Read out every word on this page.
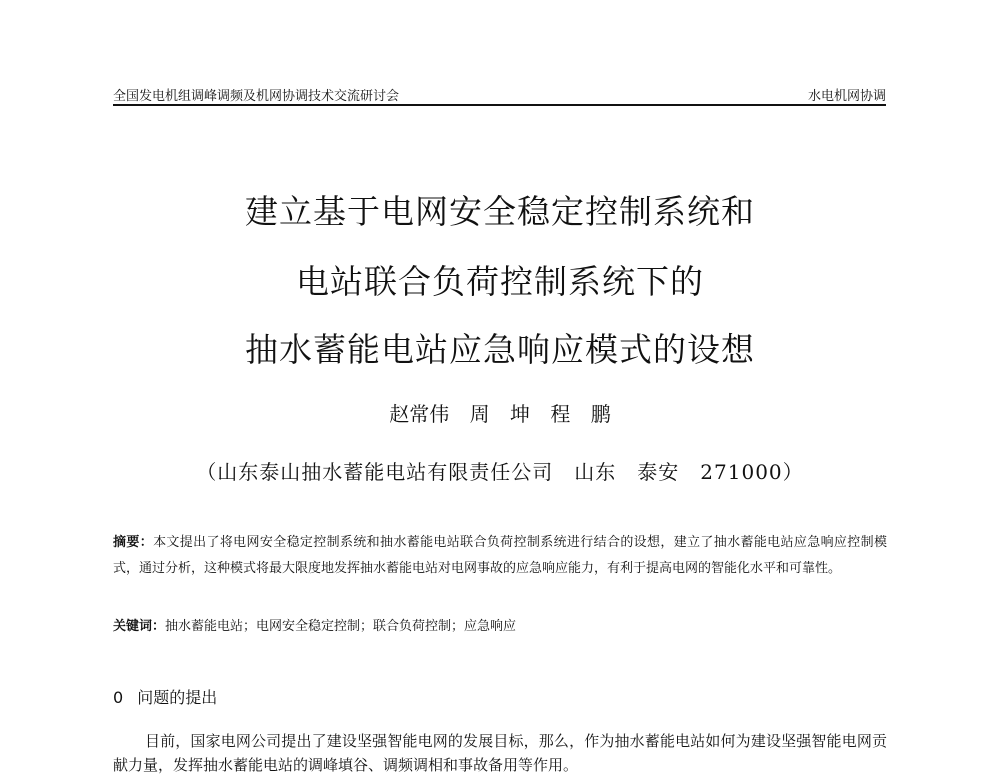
全国发电机组调峰调频及机网协调技术交流研讨会	水电机网协调
建立基于电网安全稳定控制系统和
电站联合负荷控制系统下的
抽水蓄能电站应急响应模式的设想
赵常伟 周 坤 程 鹏
（山东泰山抽水蓄能电站有限责任公司　山东　泰安　271000）
摘要：本文提出了将电网安全稳定控制系统和抽水蓄能电站联合负荷控制系统进行结合的设想，建立了抽水蓄能电站应急响应控制模式，通过分析，这种模式将最大限度地发挥抽水蓄能电站对电网事故的应急响应能力，有利于提高电网的智能化水平和可靠性。
关键词：抽水蓄能电站；电网安全稳定控制；联合负荷控制；应急响应
0 问题的提出
目前，国家电网公司提出了建设坚强智能电网的发展目标，那么，作为抽水蓄能电站如何为建设坚强智能电网贡献力量，发挥抽水蓄能电站的调峰填谷、调频调相和事故备用等作用。
